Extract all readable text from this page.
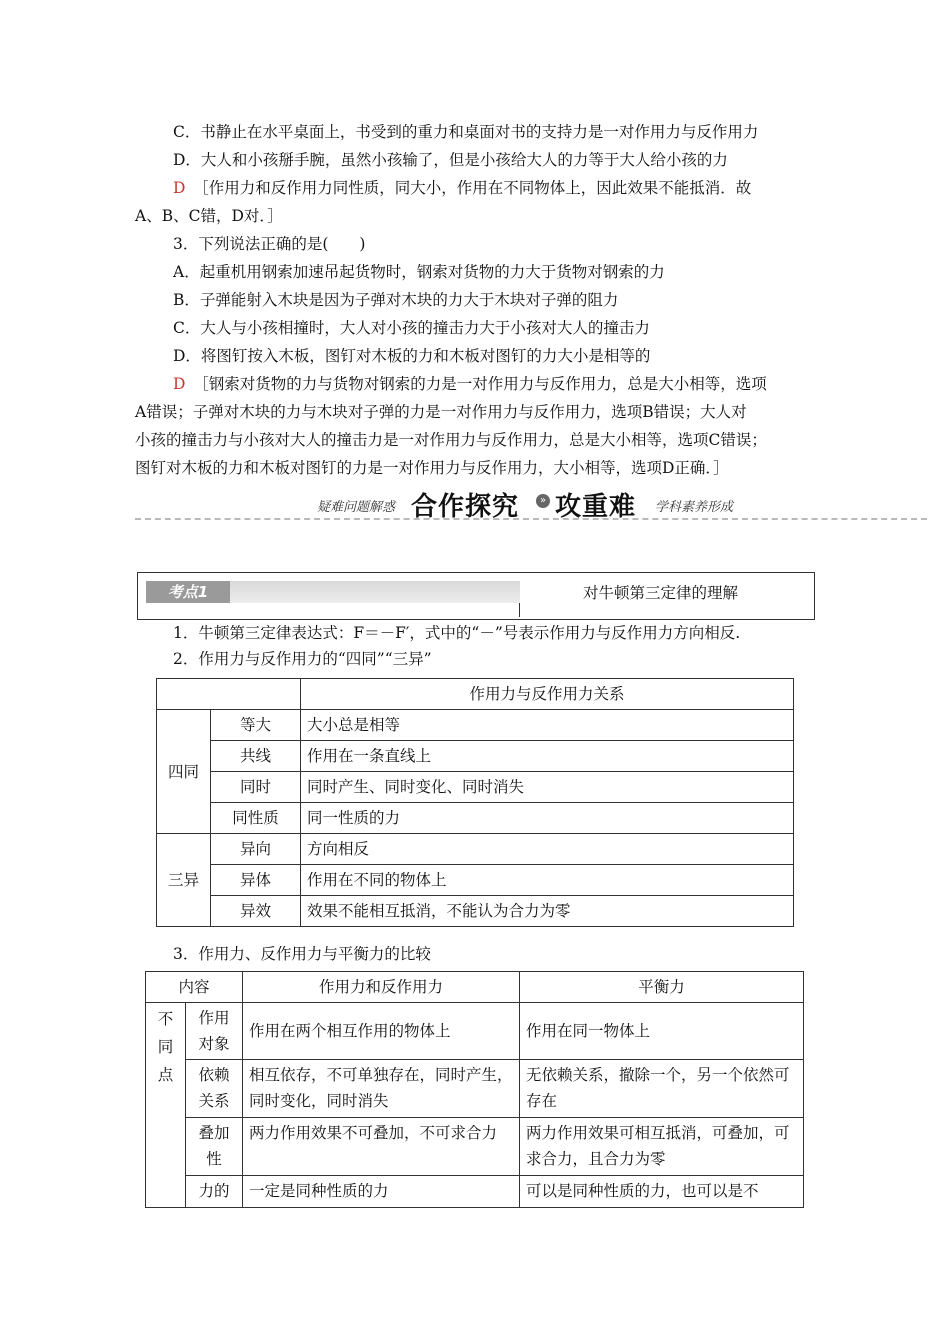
C．书静止在水平桌面上，书受到的重力和桌面对书的支持力是一对作用力与反作用力
D．大人和小孩掰手腕，虽然小孩输了，但是小孩给大人的力等于大人给小孩的力
D　 ［作用力和反作用力同性质，同大小，作用在不同物体上，因此效果不能抵消．故
A、B、C错，D对．］
3．下列说法正确的是(　　)
A．起重机用钢索加速吊起货物时，钢索对货物的力大于货物对钢索的力
B．子弹能射入木块是因为子弹对木块的力大于木块对子弹的阻力
C．大人与小孩相撞时，大人对小孩的撞击力大于小孩对大人的撞击力
D．将图钉按入木板，图钉对木板的力和木板对图钉的力大小是相等的
D　 ［钢索对货物的力与货物对钢索的力是一对作用力与反作用力，总是大小相等，选项
A错误；子弹对木块的力与木块对子弹的力是一对作用力与反作用力，选项B错误；大人对
小孩的撞击力与小孩对大人的撞击力是一对作用力与反作用力，总是大小相等，选项C错误；
图钉对木板的力和木板对图钉的力是一对作用力与反作用力，大小相等，选项D正确．］
疑难问题解惑 合作探究	» 攻重难 学科素养形成
考点1	对牛顿第三定律的理解
1．牛顿第三定律表达式：F＝－F′，式中的“－”号表示作用力与反作用力方向相反.
2．作用力与反作用力的“四同”“三异”
		作用力与反作用力关系
四同	等大	大小总是相等
	共线	作用在一条直线上
	同时	同时产生、同时变化、同时消失
	同性质	同一性质的力
三异	异向	方向相反
	异体	作用在不同的物体上
	异效	效果不能相互抵消，不能认为合力为零
3．作用力、反作用力与平衡力的比较
内容		作用力和反作用力	平衡力
不同点	作用对象	作用在两个相互作用的物体上	作用在同一物体上
	依赖关系	相互依存，不可单独存在，同时产生，同时变化，同时消失	无依赖关系，撤除一个，另一个依然可存在
	叠加性	两力作用效果不可叠加，不可求合力	两力作用效果可相互抵消，可叠加，可求合力，且合力为零
	力的	一定是同种性质的力	可以是同种性质的力，也可以是不
